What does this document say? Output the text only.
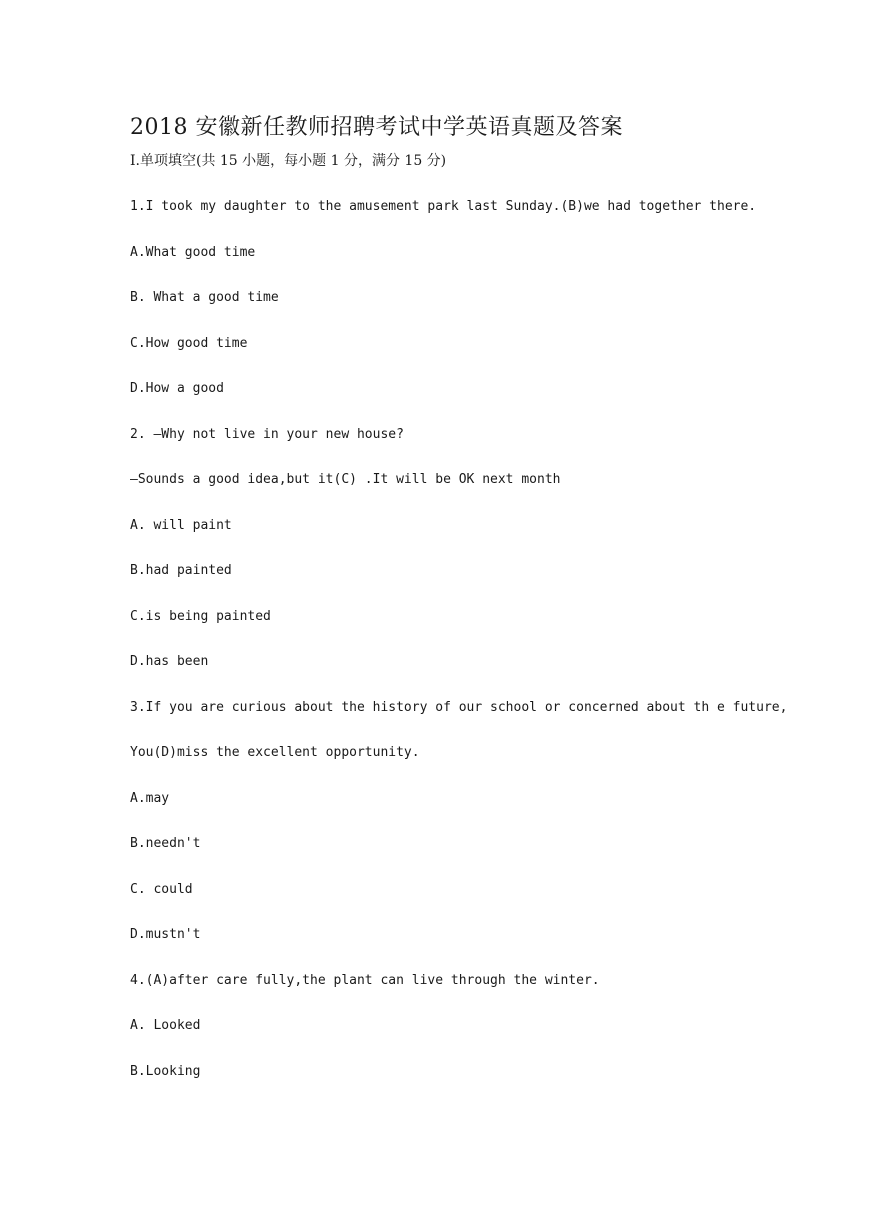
2018 安徽新任教师招聘考试中学英语真题及答案
Ⅰ.单项填空(共 15 小题，每小题 1 分，满分 15 分)
1.I took my daughter to the amusement park last Sunday.(B)we had together there.
A.What good time
B. What a good time
C.How good time
D.How a good
2. —Why not live in your new house?
—Sounds a good idea,but it(C) .It will be OK next month
A. will paint
B.had painted
C.is being painted
D.has been
3.If you are curious about the history of our school or concerned about th e future,
You(D)miss the excellent opportunity.
A.may
B.needn't
C. could
D.mustn't
4.(A)after care fully,the plant can live through the winter.
A. Looked
B.Looking
